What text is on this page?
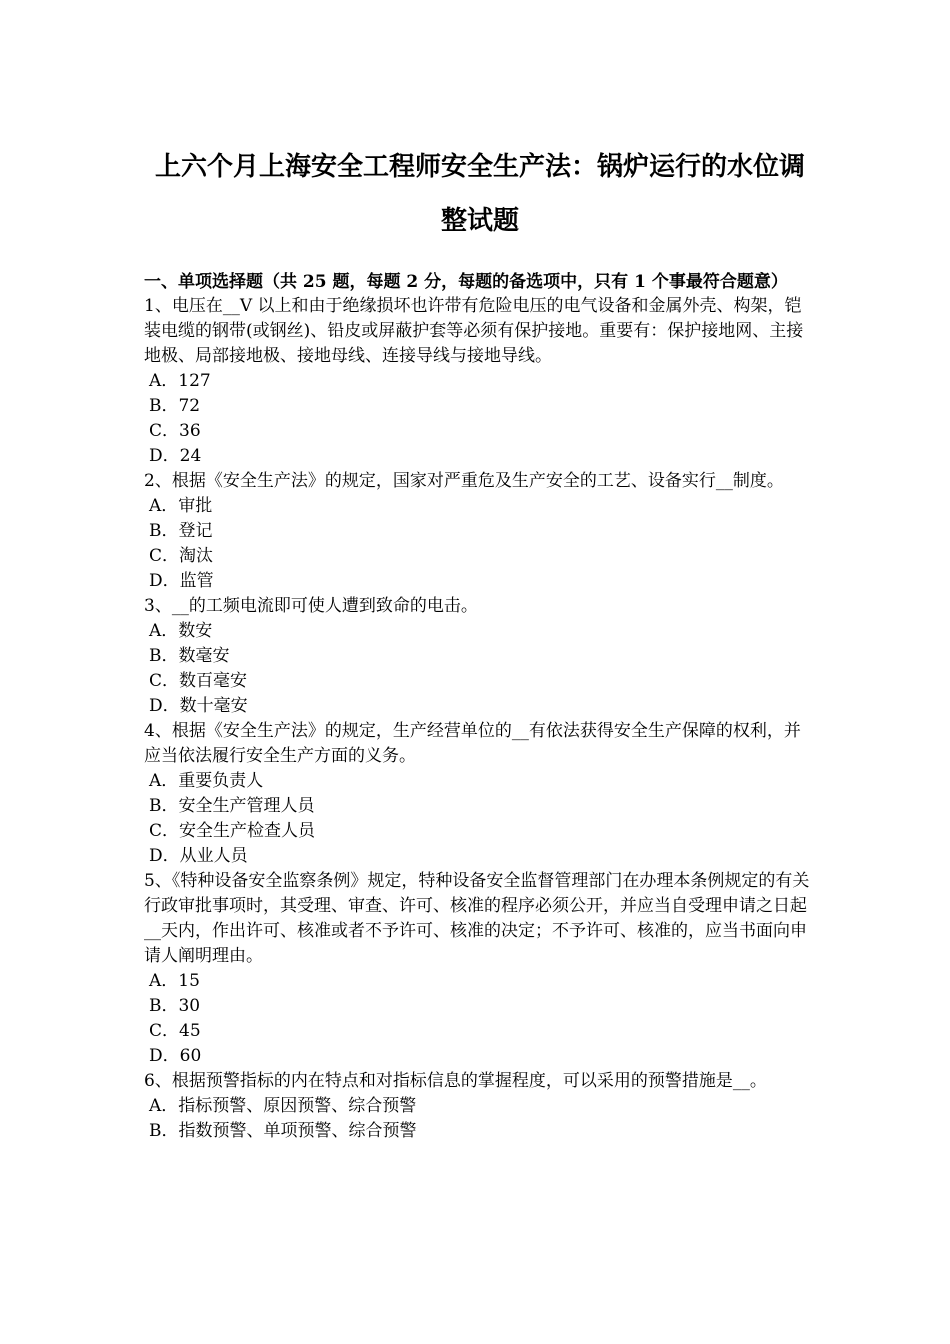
上六个月上海安全工程师安全生产法：锅炉运行的水位调
整试题
一、单项选择题（共 25 题，每题 2 分，每题的备选项中，只有 1 个事最符合题意）

1、电压在__V 以上和由于绝缘损坏也许带有危险电压的电气设备和金属外壳、构架，铠装电缆的钢带(或钢丝)、铅皮或屏蔽护套等必须有保护接地。重要有：保护接地网、主接地极、局部接地极、接地母线、连接导线与接地导线。

A．127

B．72

C．36

D．24

2、根据《安全生产法》的规定，国家对严重危及生产安全的工艺、设备实行__制度。

A．审批

B．登记

C．淘汰

D．监管

3、__的工频电流即可使人遭到致命的电击。

A．数安

B．数毫安

C．数百毫安

D．数十毫安

4、根据《安全生产法》的规定，生产经营单位的__有依法获得安全生产保障的权利，并应当依法履行安全生产方面的义务。

A．重要负责人

B．安全生产管理人员

C．安全生产检查人员

D．从业人员

5、《特种设备安全监察条例》规定，特种设备安全监督管理部门在办理本条例规定的有关行政审批事项时，其受理、审查、许可、核准的程序必须公开，并应当自受理申请之日起__天内，作出许可、核准或者不予许可、核准的决定；不予许可、核准的，应当书面向申请人阐明理由。

A．15

B．30

C．45

D．60

6、根据预警指标的内在特点和对指标信息的掌握程度，可以采用的预警措施是__。

A．指标预警、原因预警、综合预警

B．指数预警、单项预警、综合预警
